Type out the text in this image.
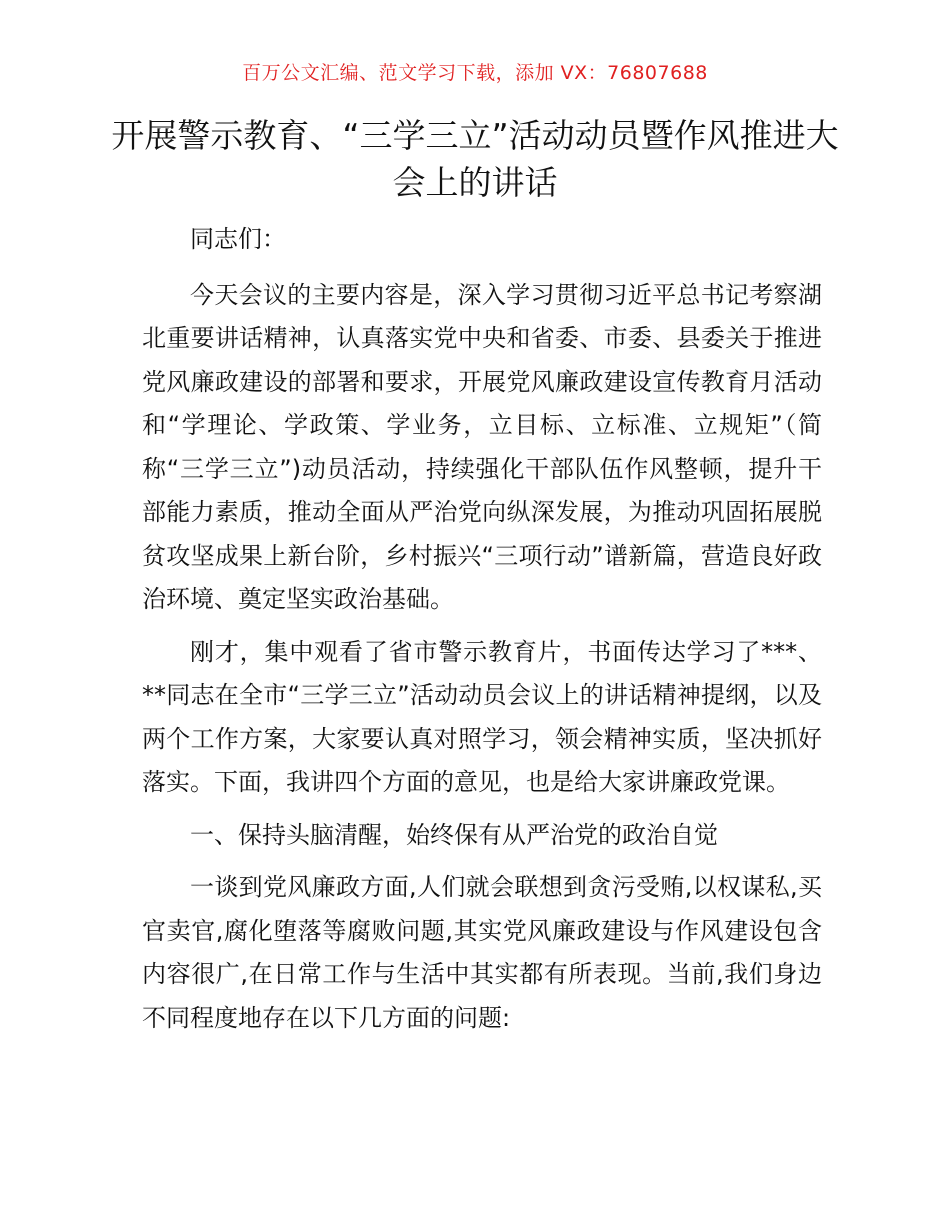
百万公文汇编、范文学习下载，添加 VX：76807688
开展警示教育、“三学三立”活动动员暨作风推进大会上的讲话

同志们：

今天会议的主要内容是，深入学习贯彻习近平总书记考察湖北重要讲话精神，认真落实党中央和省委、市委、县委关于推进党风廉政建设的部署和要求，开展党风廉政建设宣传教育月活动和“学理论、学政策、学业务，立目标、立标准、立规矩”（简称“三学三立”)动员活动，持续强化干部队伍作风整顿，提升干部能力素质，推动全面从严治党向纵深发展，为推动巩固拓展脱贫攻坚成果上新台阶，乡村振兴“三项行动”谱新篇，营造良好政治环境、奠定坚实政治基础。

刚才，集中观看了省市警示教育片，书面传达学习了***、**同志在全市“三学三立”活动动员会议上的讲话精神提纲，以及两个工作方案，大家要认真对照学习，领会精神实质，坚决抓好落实。下面，我讲四个方面的意见，也是给大家讲廉政党课。

一、保持头脑清醒，始终保有从严治党的政治自觉

一谈到党风廉政方面,人们就会联想到贪污受贿,以权谋私,买官卖官,腐化堕落等腐败问题,其实党风廉政建设与作风建设包含内容很广,在日常工作与生活中其实都有所表现。当前,我们身边不同程度地存在以下几方面的问题:
